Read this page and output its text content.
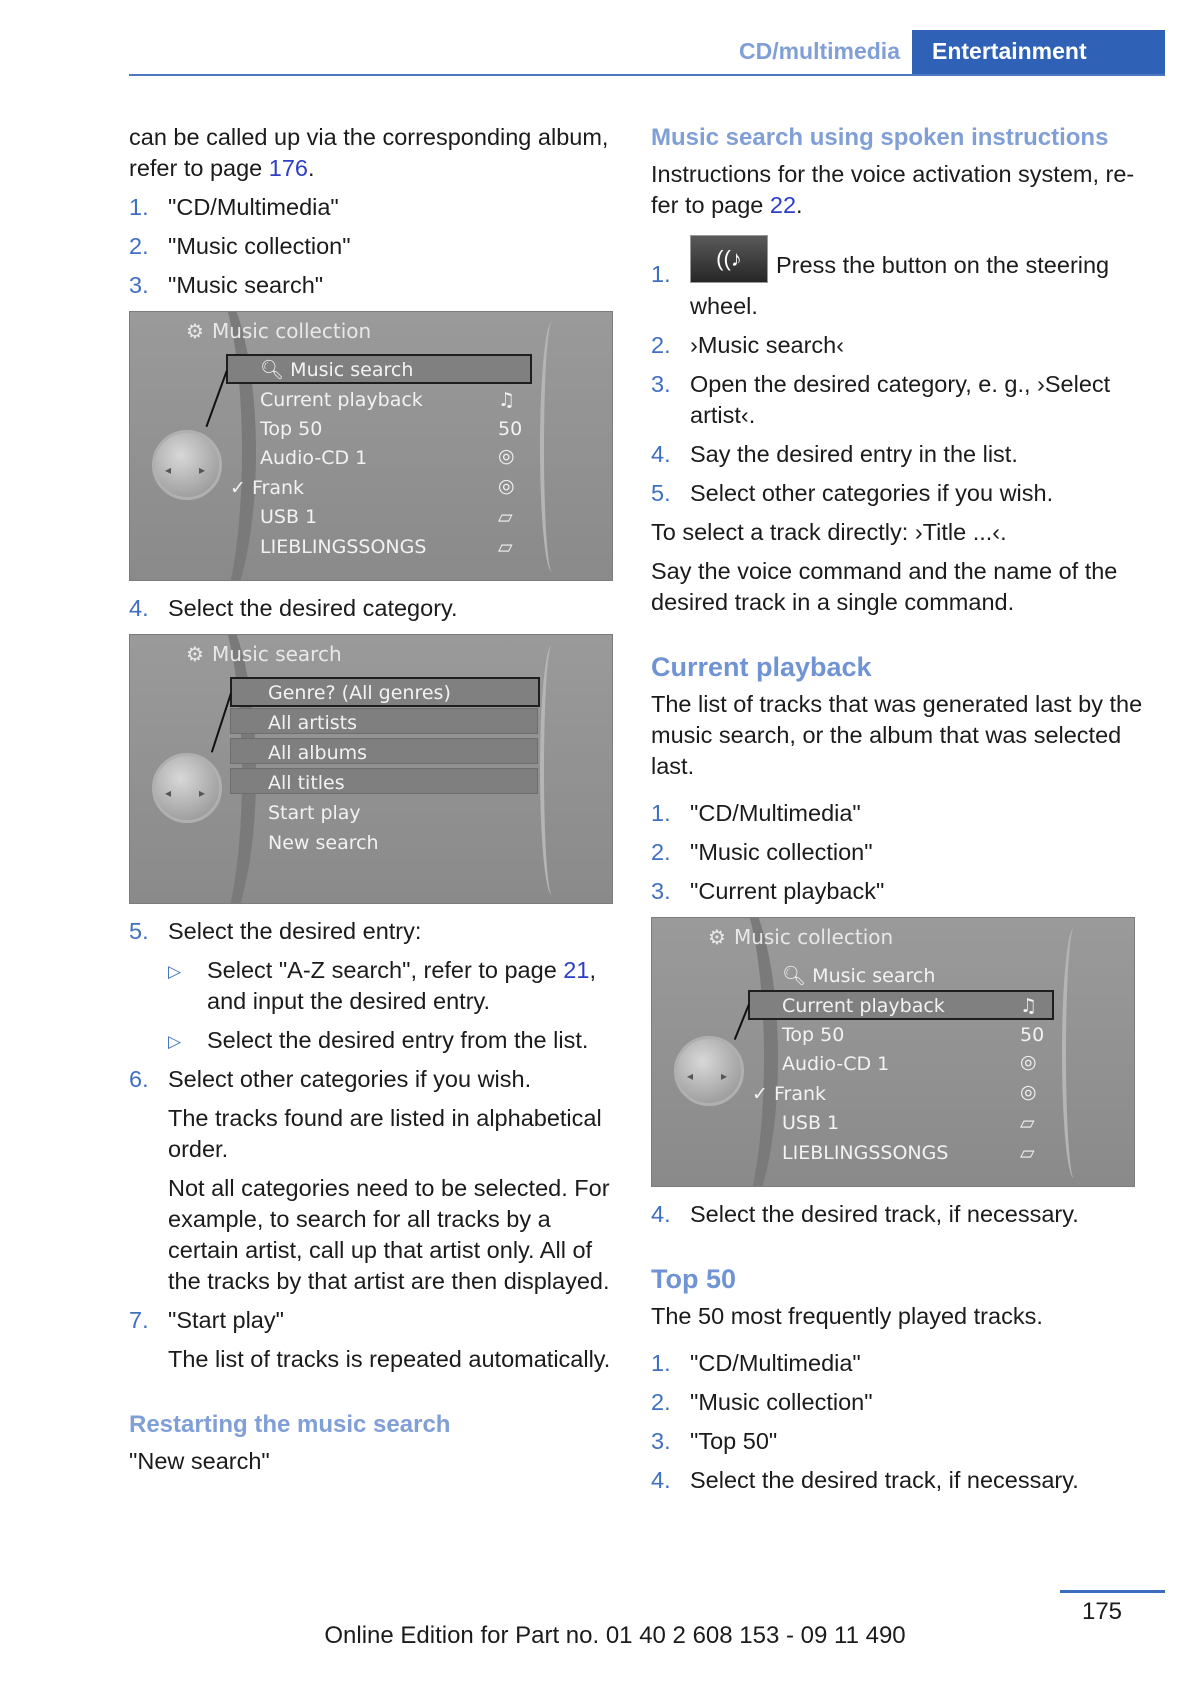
CD/multimedia	Entertainment

can be called up via the corresponding album, refer to page 176.

1. "CD/Multimedia"
2. "Music collection"
3. "Music search"
⚙ Music collection
🔍︎ Music search
Current playback	♫
Top 50	50
Audio-CD 1	◎
✓ Frank	◎
USB 1	▱
LIEBLINGSSONGS	▱
◂ ▸
4. Select the desired category.
⚙ Music search
Genre? (All genres)
All artists
All albums
All titles
Start play
New search
◂ ▸
5. Select the desired entry:
▷ Select "A-Z search", refer to page 21, and input the desired entry.
▷ Select the desired entry from the list.
6. Select other categories if you wish.

The tracks found are listed in alphabetical order.

Not all categories need to be selected. For example, to search for all tracks by a certain artist, call up that artist only. All of the tracks by that artist are then displayed.

7. "Start play"

The list of tracks is repeated automatically.

Restarting the music search

"New search"

Music search using spoken instructions

Instructions for the voice activation system, refer to page 22.

1.
((♪ Press the button on the steering wheel.
2. ›Music search‹
3. Open the desired category, e. g., ›Select artist‹.
4. Say the desired entry in the list.
5. Select other categories if you wish.

To select a track directly: ›Title ...‹.

Say the voice command and the name of the desired track in a single command.

Current playback

The list of tracks that was generated last by the music search, or the album that was selected last.

1. "CD/Multimedia"
2. "Music collection"
3. "Current playback"
⚙ Music collection
🔍︎ Music search
Current playback	♫
Top 50	50
Audio-CD 1	◎
✓ Frank	◎
USB 1	▱
LIEBLINGSSONGS	▱
◂ ▸
4. Select the desired track, if necessary.
Top 50

The 50 most frequently played tracks.

1. "CD/Multimedia"
2. "Music collection"
3. "Top 50"
4. Select the desired track, if necessary.
175
Online Edition for Part no. 01 40 2 608 153 - 09 11 490
